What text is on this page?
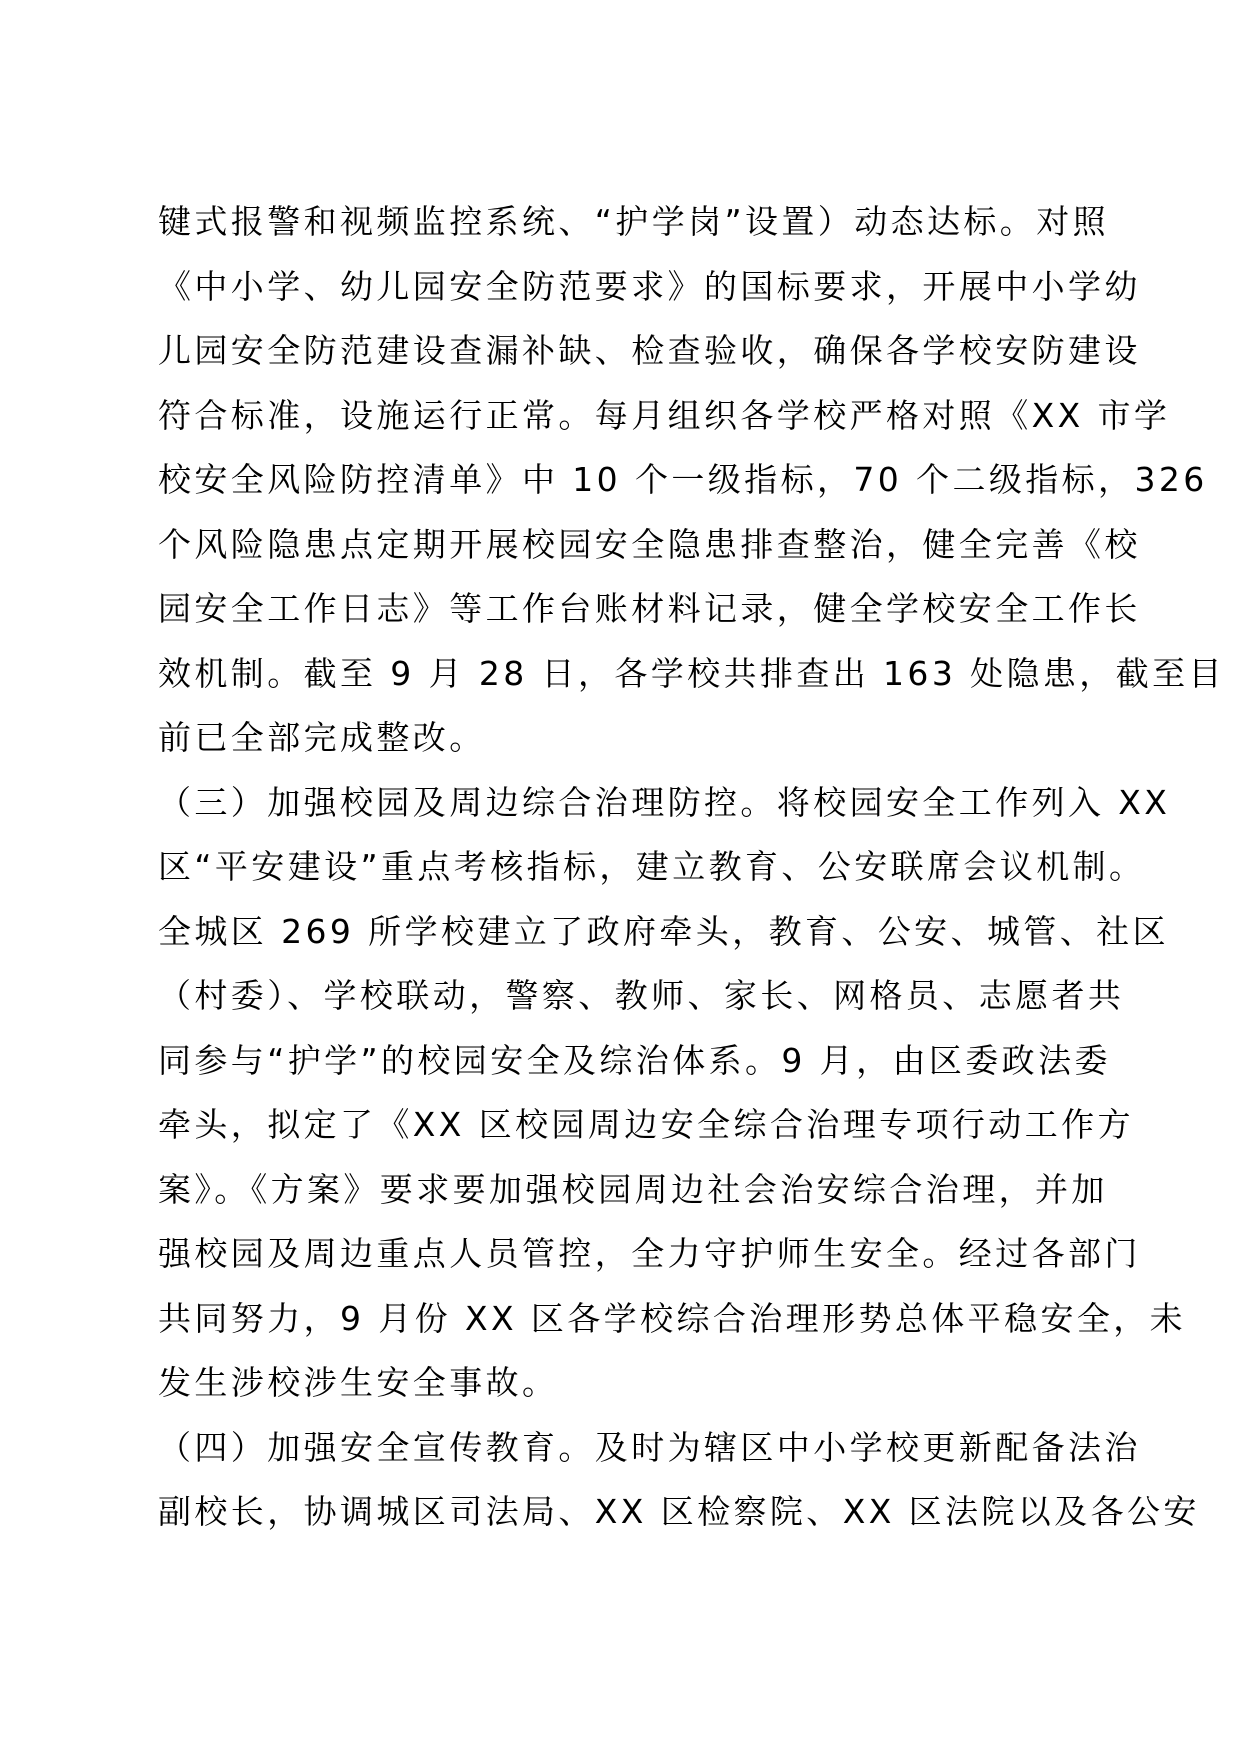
键式报警和视频监控系统、“护学岗”设置）动态达标。对照
《中小学、幼儿园安全防范要求》的国标要求，开展中小学幼
儿园安全防范建设查漏补缺、检查验收，确保各学校安防建设
符合标准，设施运行正常。每月组织各学校严格对照《XX 市学
校安全风险防控清单》中 10 个一级指标，70 个二级指标，326
个风险隐患点定期开展校园安全隐患排查整治，健全完善《校
园安全工作日志》等工作台账材料记录，健全学校安全工作长
效机制。截至 9 月 28 日，各学校共排查出 163 处隐患，截至目
前已全部完成整改。
（三）加强校园及周边综合治理防控。将校园安全工作列入 XX
区“平安建设”重点考核指标，建立教育、公安联席会议机制。
全城区 269 所学校建立了政府牵头，教育、公安、城管、社区
（村委）、学校联动，警察、教师、家长、网格员、志愿者共
同参与“护学”的校园安全及综治体系。9 月，由区委政法委
牵头，拟定了《XX 区校园周边安全综合治理专项行动工作方
案》。《方案》要求要加强校园周边社会治安综合治理，并加
强校园及周边重点人员管控，全力守护师生安全。经过各部门
共同努力，9 月份 XX 区各学校综合治理形势总体平稳安全，未
发生涉校涉生安全事故。
（四）加强安全宣传教育。及时为辖区中小学校更新配备法治
副校长，协调城区司法局、XX 区检察院、XX 区法院以及各公安
